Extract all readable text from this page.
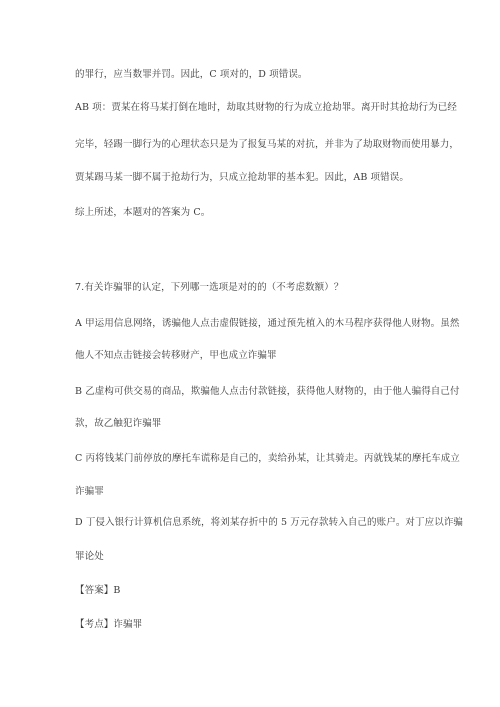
的罪行，应当数罪并罚。因此，C 项对的，D 项错误。
AB 项：贾某在将马某打倒在地时，劫取其财物的行为成立抢劫罪。离开时其抢劫行为已经
完毕，轻踢一脚行为的心理状态只是为了报复马某的对抗，并非为了劫取财物而使用暴力，
贾某踢马某一脚不属于抢劫行为，只成立抢劫罪的基本犯。因此，AB 项错误。
综上所述，本题对的答案为 C。
7.有关诈骗罪的认定，下列哪一选项是对的的（不考虑数额）？
A 甲运用信息网络，诱骗他人点击虚假链接，通过预先植入的木马程序获得他人财物。虽然
他人不知点击链接会转移财产，甲也成立诈骗罪
B 乙虚构可供交易的商品，欺骗他人点击付款链接，获得他人财物的，由于他人骗得自己付
款，故乙触犯诈骗罪
C 丙将钱某门前停放的摩托车谎称是自己的，卖给孙某，让其骑走。丙就钱某的摩托车成立
诈骗罪
D 丁侵入银行计算机信息系统，将刘某存折中的 5 万元存款转入自己的账户。对丁应以诈骗
罪论处
【答案】B
【考点】诈骗罪
